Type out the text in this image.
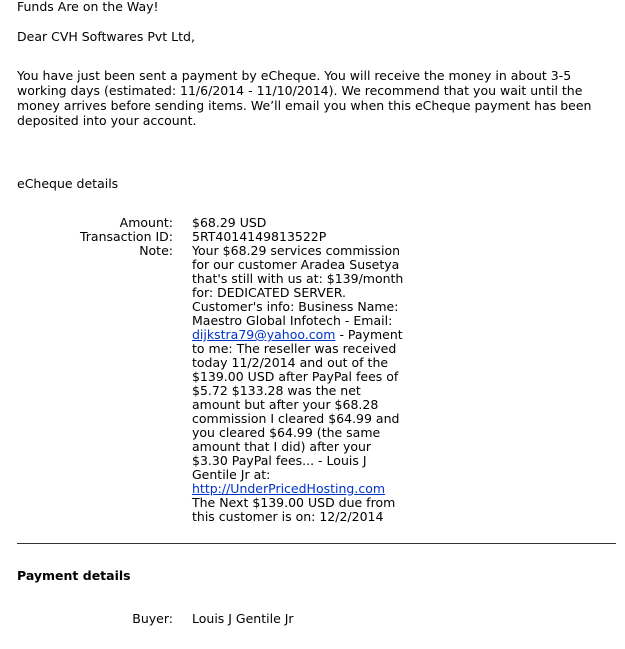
Funds Are on the Way!
Dear CVH Softwares Pvt Ltd,
You have just been sent a payment by eCheque. You will receive the money in about 3-5
working days (estimated: 11/6/2014 - 11/10/2014). We recommend that you wait until the
money arrives before sending items. We’ll email you when this eCheque payment has been
deposited into your account.
eCheque details
Amount: $68.29 USD
Transaction ID: 5RT4014149813522P
Note: Your $68.29 services commission
for our customer Aradea Susetya
that's still with us at: $139/month
for: DEDICATED SERVER.
Customer's info: Business Name:
Maestro Global Infotech - Email:
dijkstra79@yahoo.com - Payment
to me: The reseller was received
today 11/2/2014 and out of the
$139.00 USD after PayPal fees of
$5.72 $133.28 was the net
amount but after your $68.28
commission I cleared $64.99 and
you cleared $64.99 (the same
amount that I did) after your
$3.30 PayPal fees... - Louis J
Gentile Jr at:
http://UnderPricedHosting.com
The Next $139.00 USD due from
this customer is on: 12/2/2014
Payment details
Buyer: Louis J Gentile Jr
